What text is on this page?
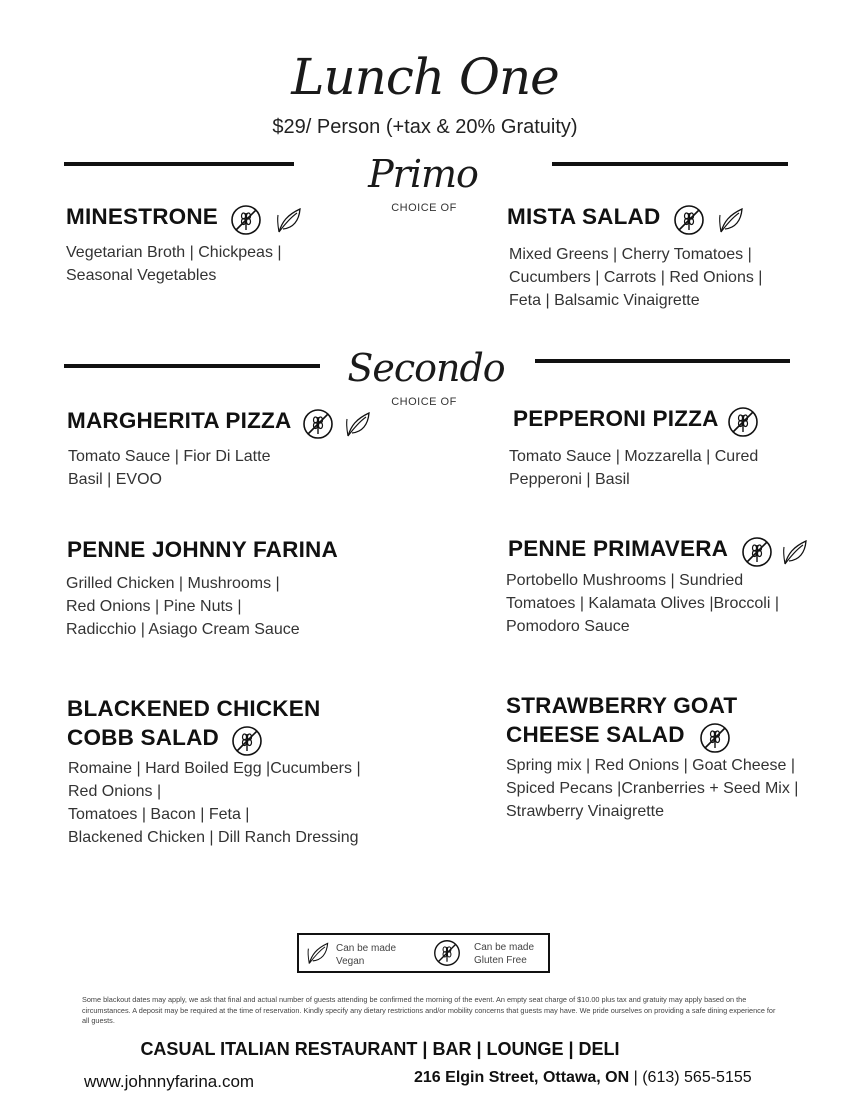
Lunch One
$29/ Person (+tax & 20% Gratuity)
Primo
CHOICE OF
MINESTRONE
Vegetarian Broth | Chickpeas |
Seasonal Vegetables
MISTA SALAD
Mixed Greens | Cherry Tomatoes |
Cucumbers | Carrots | Red Onions |
Feta | Balsamic Vinaigrette
Secondo
CHOICE OF
MARGHERITA PIZZA
Tomato Sauce | Fior Di Latte
Basil | EVOO
PEPPERONI PIZZA
Tomato Sauce | Mozzarella | Cured
Pepperoni | Basil
PENNE JOHNNY FARINA
Grilled Chicken | Mushrooms |
Red Onions | Pine Nuts |
Radicchio | Asiago Cream Sauce
PENNE PRIMAVERA
Portobello Mushrooms | Sundried
Tomatoes | Kalamata Olives |Broccoli |
Pomodoro Sauce
BLACKENED CHICKEN
COBB SALAD
Romaine | Hard Boiled Egg |Cucumbers |
Red Onions |
Tomatoes | Bacon | Feta |
Blackened Chicken | Dill Ranch Dressing
STRAWBERRY GOAT
CHEESE SALAD
Spring mix | Red Onions | Goat Cheese |
Spiced Pecans |Cranberries + Seed Mix |
Strawberry Vinaigrette
Can be made
Vegan
Can be made
Gluten Free
Some blackout dates may apply, we ask that final and actual number of guests attending be confirmed the morning of the event. An empty seat charge of $10.00 plus tax and gratuity may apply based on the circumstances. A deposit may be required at the time of reservation. Kindly specify any dietary restrictions and/or mobility concerns that guests may have. We pride ourselves on providing a safe dining experience for all guests.
CASUAL ITALIAN RESTAURANT | BAR | LOUNGE | DELI
www.johnnyfarina.com	216 Elgin Street, Ottawa, ON | (613) 565-5155
